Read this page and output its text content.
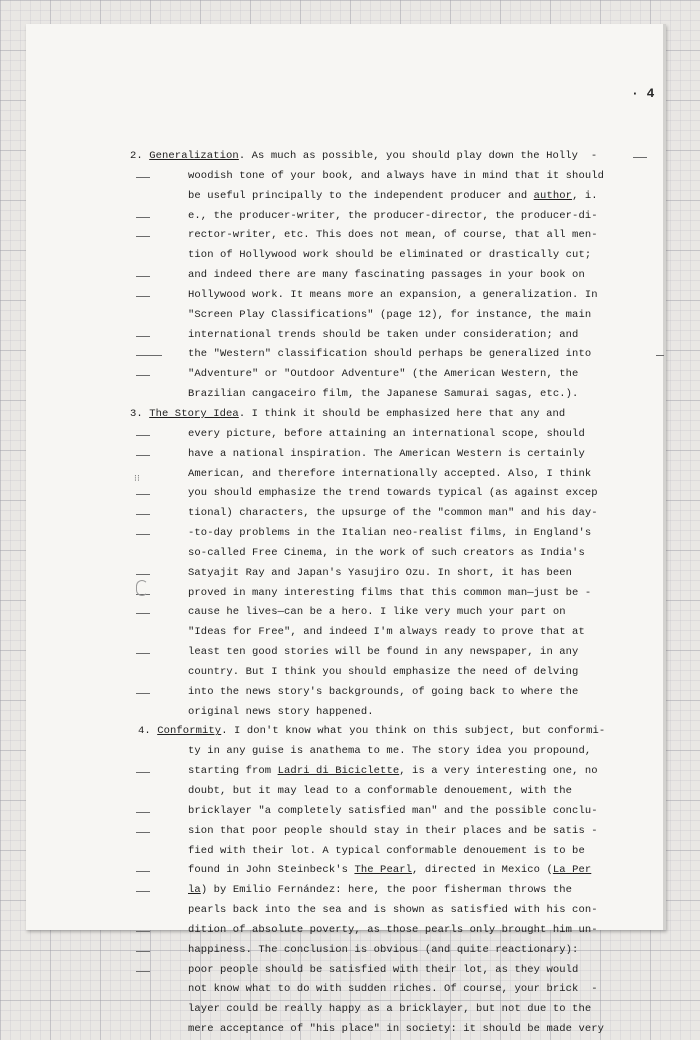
· 4

2. Generalization. As much as possible, you should play down the Holly  -

woodish tone of your book, and always have in mind that it should
be useful principally to the independent producer and author, i.
e., the producer-writer, the producer-director, the producer-di-
rector-writer, etc. This does not mean, of course, that all men-
tion of Hollywood work should be eliminated or drastically cut;
and indeed there are many fascinating passages in your book on
Hollywood work. It means more an expansion, a generalization. In
"Screen Play Classifications" (page 12), for instance, the main
international trends should be taken under consideration; and
the "Western" classification should perhaps be generalized into
"Adventure" or "Outdoor Adventure" (the American Western, the
Brazilian cangaceiro film, the Japanese Samurai sagas, etc.).

3. The Story Idea. I think it should be emphasized here that any and

every picture, before attaining an international scope, should
have a national inspiration. The American Western is certainly
⁝⁝	American, and therefore internationally accepted. Also, I think
you should emphasize the trend towards typical (as against excep
tional) characters, the upsurge of the "common man" and his day-
-to-day problems in the Italian neo-realist films, in England's
so-called Free Cinema, in the work of such creators as India's
Satyajit Ray and Japan's Yasujiro Ozu. In short, it has been
proved in many interesting films that this common man—just be -
cause he lives—can be a hero. I like very much your part on
"Ideas for Free", and indeed I'm always ready to prove that at
least ten good stories will be found in any newspaper, in any
country. But I think you should emphasize the need of delving
into the news story's backgrounds, of going back to where the
original news story happened.

4. Conformity. I don't know what you think on this subject, but conformi-

ty in any guise is anathema to me. The story idea you propound,
starting from Ladri di Biciclette, is a very interesting one, no
doubt, but it may lead to a conformable denouement, with the
bricklayer "a completely satisfied man" and the possible conclu-
sion that poor people should stay in their places and be satis -
fied with their lot. A typical conformable denouement is to be
found in John Steinbeck's The Pearl, directed in Mexico (La Per
la) by Emilio Fernández: here, the poor fisherman throws the
pearls back into the sea and is shown as satisfied with his con-
dition of absolute poverty, as those pearls only brought him un-
happiness. The conclusion is obvious (and quite reactionary):
poor people should be satisfied with their lot, as they would
not know what to do with sudden riches. Of course, your brick  -
layer could be really happy as a bricklayer, but not due to the
mere acceptance of "his place" in society: it should be made very
